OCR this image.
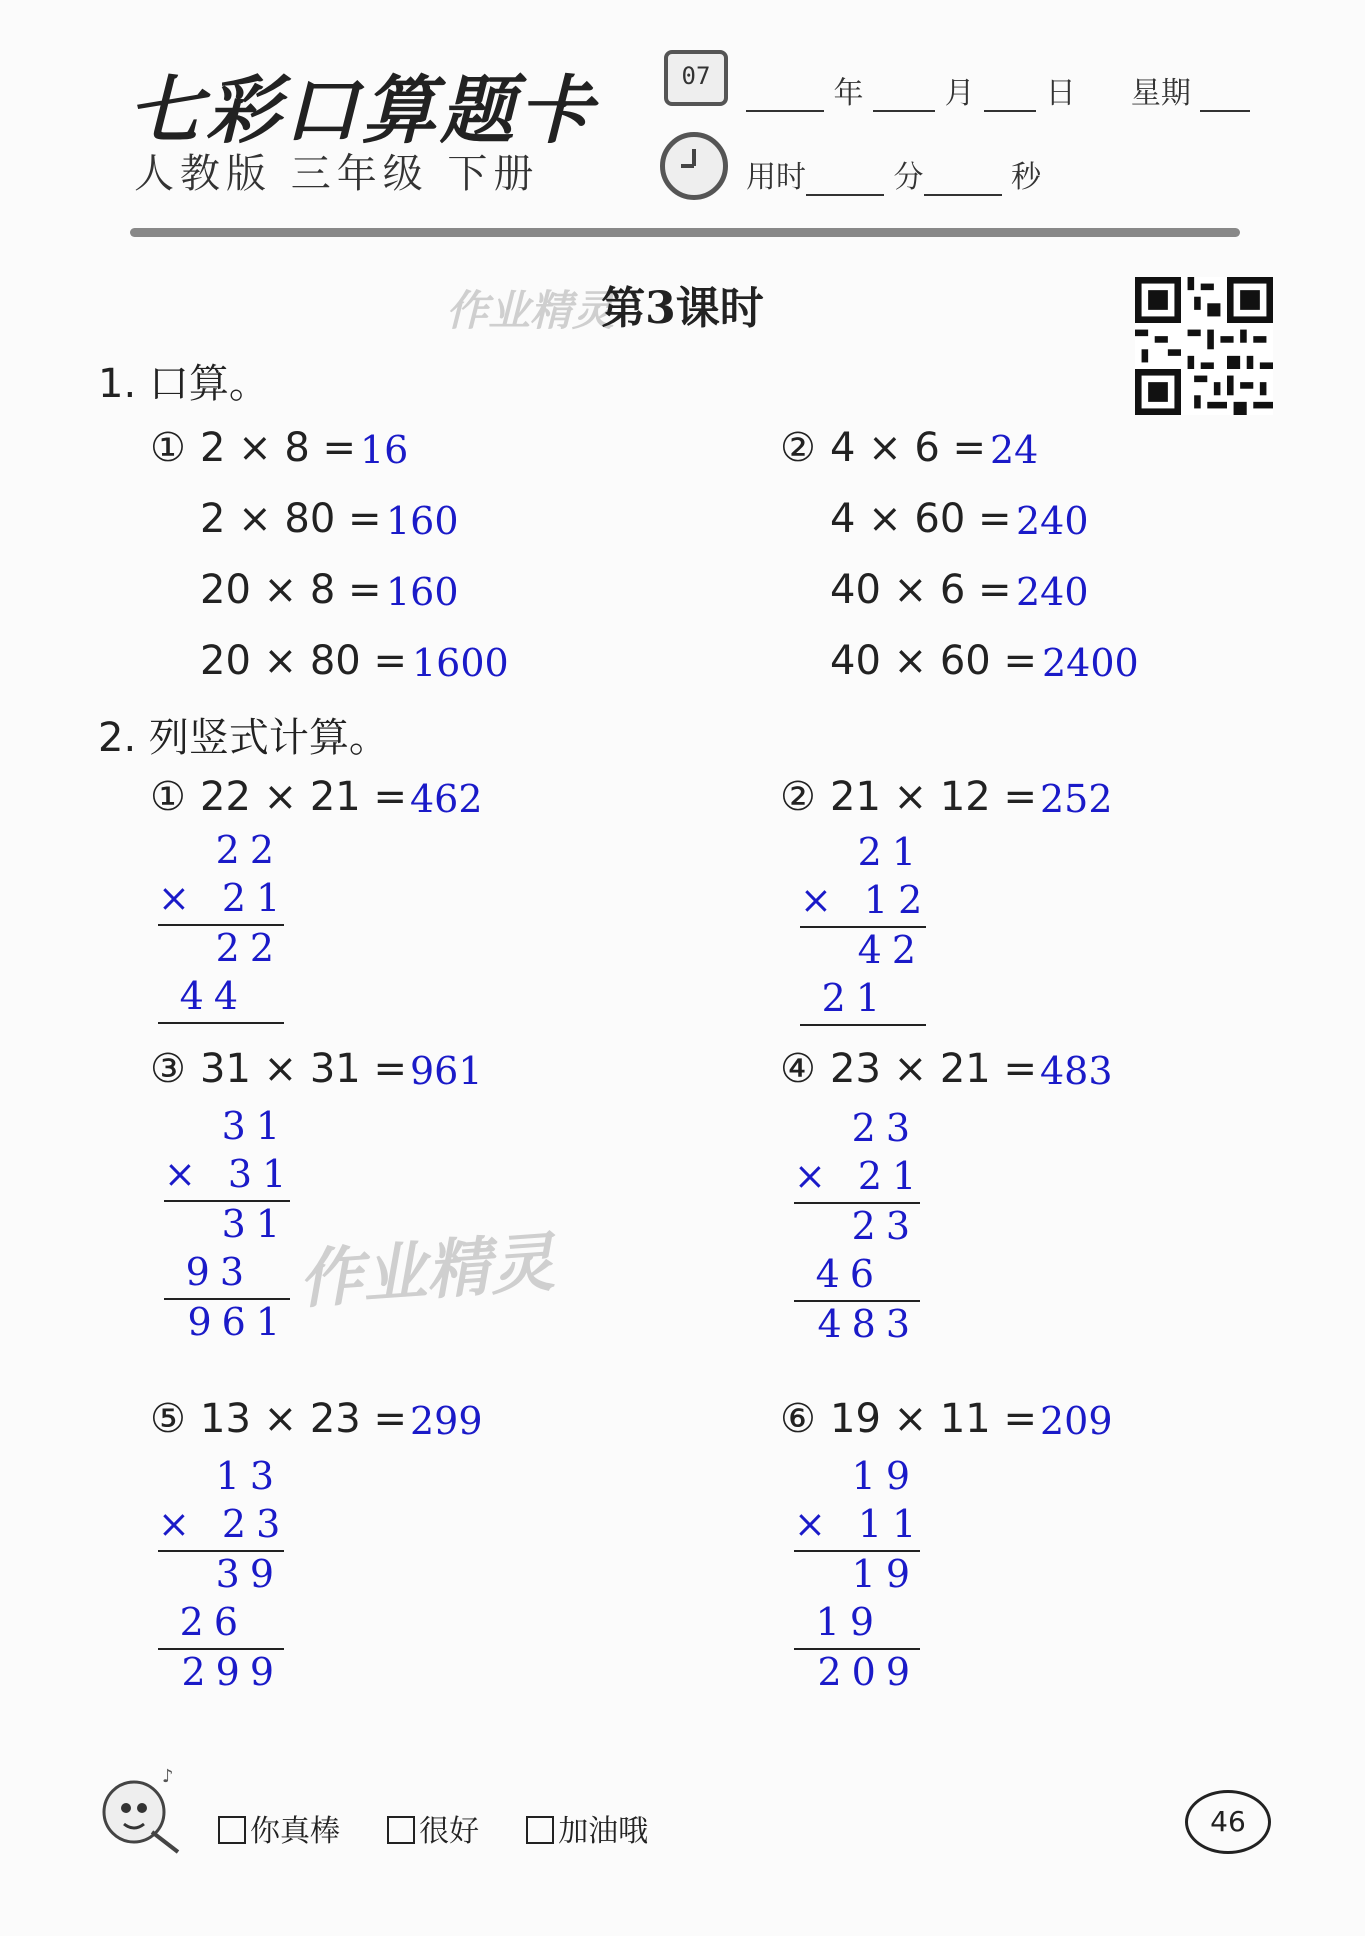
七彩口算题卡
人教版 三年级 下册
07	年	月 日 星期
用时	分	秒
作业精灵
第3课时
1. 口算。
① 2 × 8 = 16
2 × 80 = 160
20 × 8 = 160
20 × 80 = 1600
② 4 × 6 = 24
4 × 60 = 240
40 × 6 = 240
40 × 60 = 2400
2. 列竖式计算。
① 22 × 21 = 462
22
× 21
22
44
② 21 × 12 = 252
21
× 12
42
21
③ 31 × 31 = 961
31
× 31
31
93
961
作业精灵
④ 23 × 21 = 483
23
× 21
23
46
483
⑤ 13 × 23 = 299
13
× 23
39
26
299
⑥ 19 × 11 = 209
19
× 11
19
19
209
♪
你真棒	很好	加油哦	46
